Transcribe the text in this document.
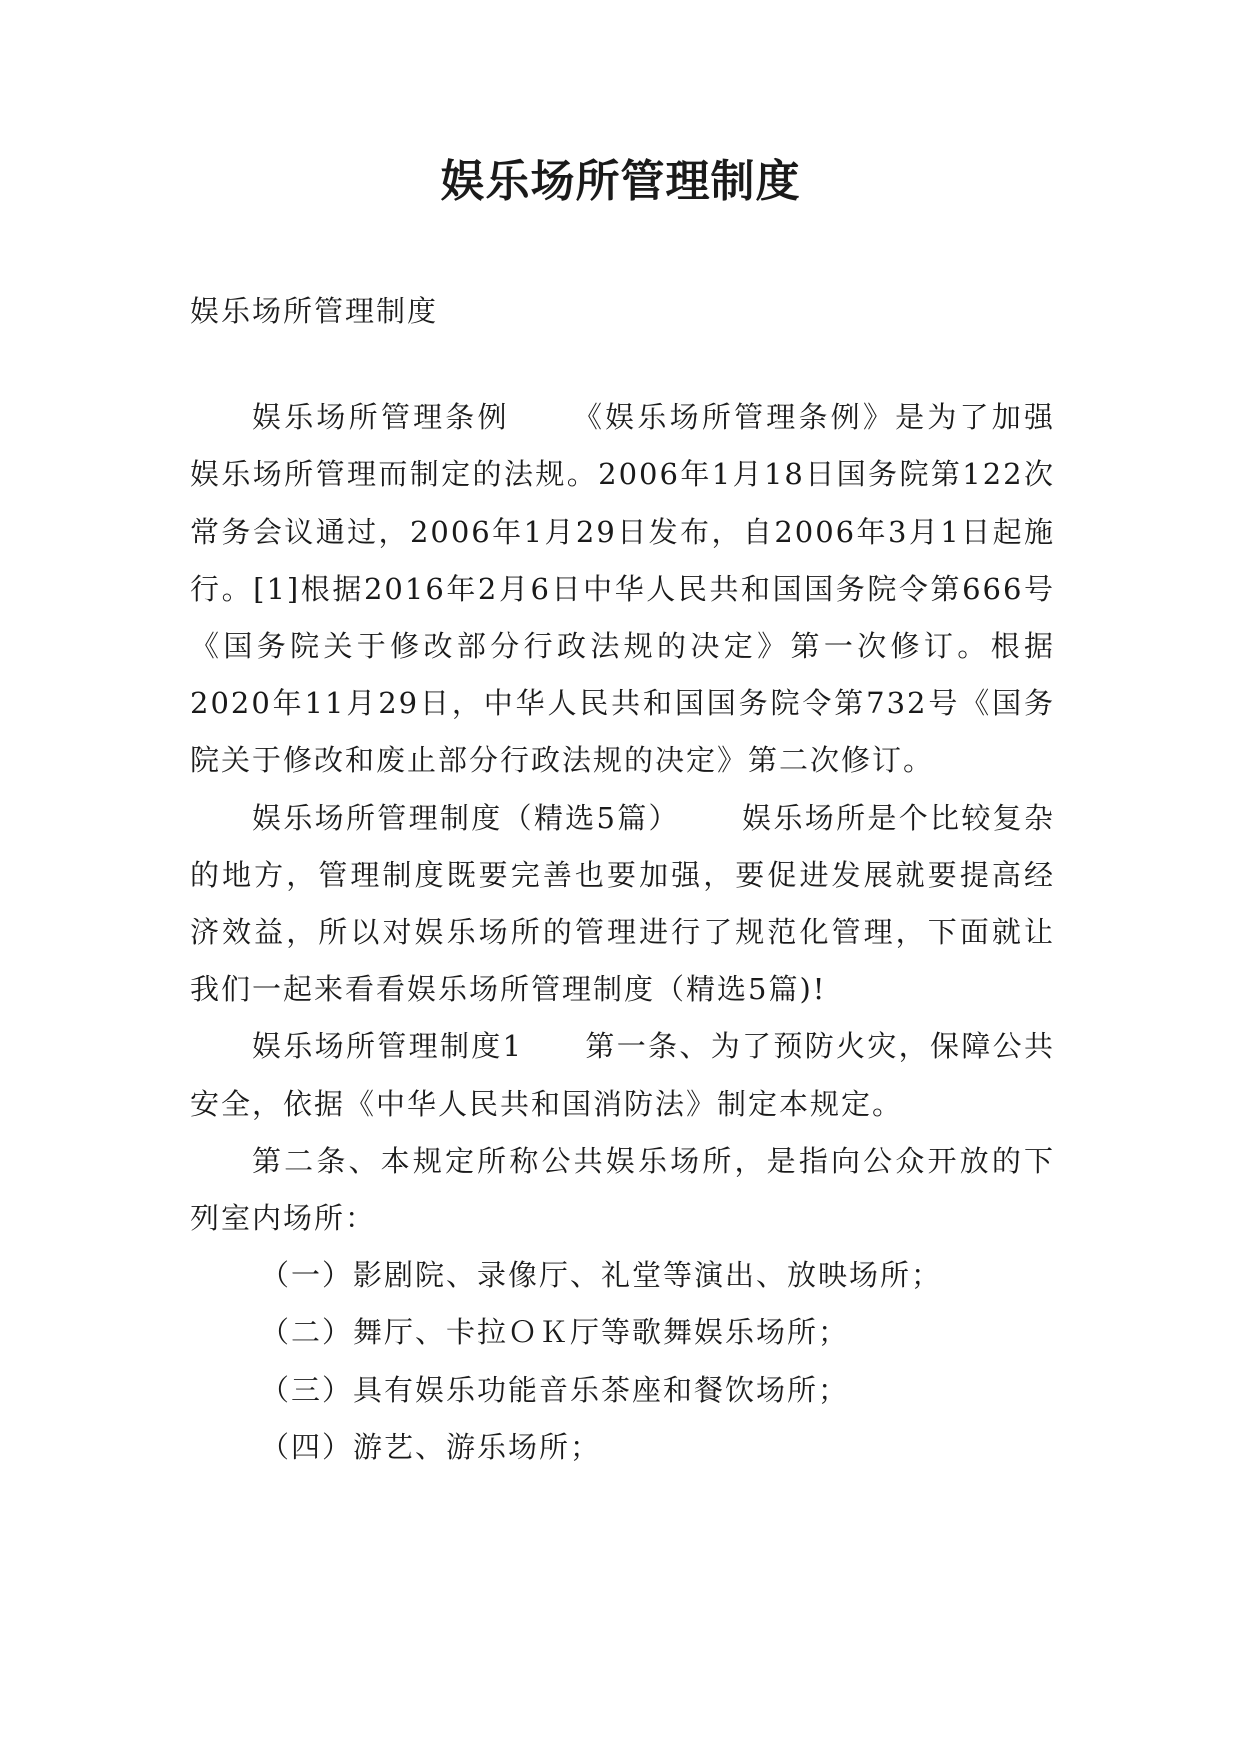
娱乐场所管理制度

娱乐场所管理制度

娱乐场所管理条例 《娱乐场所管理条例》是为了加强娱乐场所管理而制定的法规。2006年1月18日国务院第122次常务会议通过，2006年1月29日发布，自2006年3月1日起施行。[1]根据2016年2月6日中华人民共和国国务院令第666号《国务院关于修改部分行政法规的决定》第一次修订。根据2020年11月29日，中华人民共和国国务院令第732号《国务院关于修改和废止部分行政法规的决定》第二次修订。

娱乐场所管理制度（精选5篇） 娱乐场所是个比较复杂的地方，管理制度既要完善也要加强，要促进发展就要提高经济效益，所以对娱乐场所的管理进行了规范化管理，下面就让我们一起来看看娱乐场所管理制度（精选5篇)!

娱乐场所管理制度1 第一条、为了预防火灾，保障公共安全，依据《中华人民共和国消防法》制定本规定。

第二条、本规定所称公共娱乐场所，是指向公众开放的下列室内场所：

（一）影剧院、录像厅、礼堂等演出、放映场所；

（二）舞厅、卡拉ＯＫ厅等歌舞娱乐场所；

（三）具有娱乐功能音乐茶座和餐饮场所；

（四）游艺、游乐场所；
